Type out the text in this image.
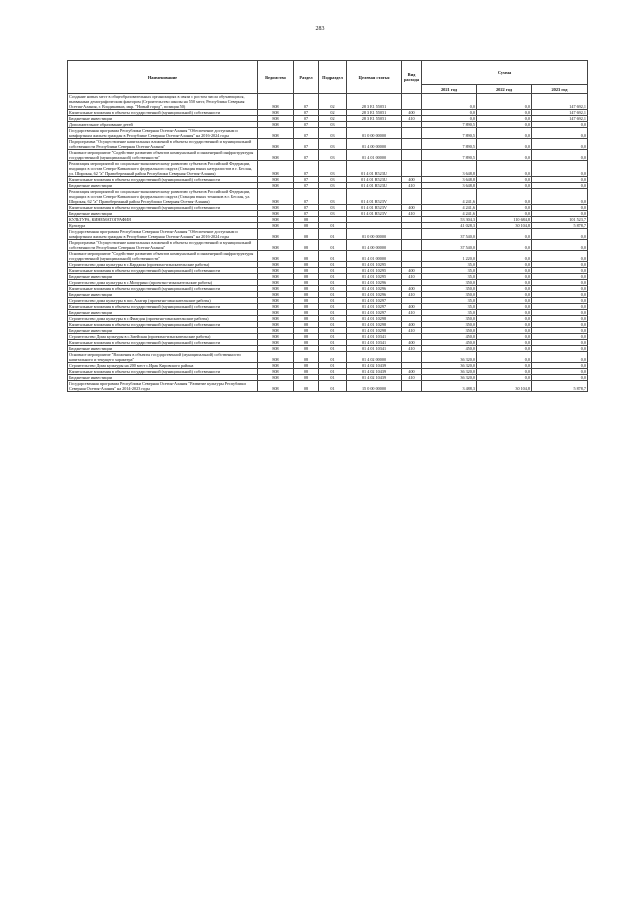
283
Наименование	Ведомство	Раздел	Подраздел	Целевая статья	Вид расхода	Сумма		
						2021 год	2022 год	2023 год
Создание новых мест в общеобразовательных организациях в связи с ростом числа обучающихся, вызванным демографическим фактором (Строительство школы на 550 мест, Республика Северная Осетия-Алания, г. Владикавказ, мкр. "Новый город", позиция 50)	808	07	02	28 3 E1 55051		0,0	0,0	147 692,1
Капитальные вложения в объекты государственной (муниципальной) собственности	808	07	02	28 3 E1 55051	400	0,0	0,0	147 692,1
Бюджетные инвестиции	808	07	02	28 3 E1 55051	410	0,0	0,0	147 692,1
Дополнительное образование детей	808	07	03			7 890,5	0,0	0,0
Государственная программа Республики Северная Осетия-Алания "Обеспечение доступным и комфортным жильем граждан в Республике Северная Осетия-Алания" на 2016-2024 годы	808	07	03	01 0 00 00000		7 890,5	0,0	0,0
Подпрограмма "Осуществление капитальных вложений в объекты государственной и муниципальной собственности Республики Северная Осетия-Алания"	808	07	03	01 4 00 00000		7 890,5	0,0	0,0
Основное мероприятие "Содействие развитию объектов коммунальной и инженерной инфраструктуры государственной (муниципальной) собственности"	808	07	03	01 4 01 00000		7 890,5	0,0	0,0
Реализация мероприятий по социально-экономическому развитию субъектов Российской Федерации, входящих в состав Северо-Кавказского федерального округа (Станция юных натуралистов в г. Беслан, ул. Широкая, 62 "а" Правобережный район Республики Северная Осетия-Алания)	808	07	03	01 4 01 R523U		3 648,8	0,0	0,0
Капитальные вложения в объекты государственной (муниципальной) собственности	808	07	03	01 4 01 R523U	400	3 648,8	0,0	0,0
Бюджетные инвестиции	808	07	03	01 4 01 R523U	410	3 648,8	0,0	0,0
Реализация мероприятий по социально-экономическому развитию субъектов Российской Федерации, входящих в состав Северо-Кавказского федерального округа (Станция юных техников в г. Беслан, ул. Широкая, 62 "а" Правобережный район Республики Северная Осетия-Алания)	808	07	03	01 4 01 R523V		4 241,6	0,0	0,0
Капитальные вложения в объекты государственной (муниципальной) собственности	808	07	03	01 4 01 R523V	400	4 241,6	0,0	0,0
Бюджетные инвестиции	808	07	03	01 4 01 R523V	410	4 241,6	0,0	0,0
КУЛЬТУРА, КИНЕМАТОГРАФИЯ	808	08				53 304,3	110 684,8	101 523,7
Культура	808	08	01			41 028,3	30 104,8	5 878,7
Государственная программа Республики Северная Осетия-Алания "Обеспечение доступным и комфортным жильем граждан в Республике Северная Осетия-Алания" на 2016-2024 годы	808	08	01	01 0 00 00000		37 540,0	0,0	0,0
Подпрограмма "Осуществление капитальных вложений в объекты государственной и муниципальной собственности Республики Северная Осетия-Алания"	808	08	01	01 4 00 00000		37 540,0	0,0	0,0
Основное мероприятие "Содействие развитию объектов коммунальной и инженерной инфраструктуры государственной (муниципальной) собственности"	808	08	01	01 4 01 00000		1 220,0	0,0	0,0
Строительство дома культуры в с.Карджин (проектно-изыскательские работы)	808	08	01	01 4 01 10295		35,0	0,0	0,0
Капитальные вложения в объекты государственной (муниципальной) собственности	808	08	01	01 4 01 10295	400	35,0	0,0	0,0
Бюджетные инвестиции	808	08	01	01 4 01 10295	410	35,0	0,0	0,0
Строительство дома культуры в с.Мичурино (проектно-изыскательские работы)	808	08	01	01 4 01 10296		350,0	0,0	0,0
Капитальные вложения в объекты государственной (муниципальной) собственности	808	08	01	01 4 01 10296	400	350,0	0,0	0,0
Бюджетные инвестиции	808	08	01	01 4 01 10296	410	350,0	0,0	0,0
Строительство дома культуры в пос.Алагир (проектно-изыскательские работы)	808	08	01	01 4 01 10297		35,0	0,0	0,0
Капитальные вложения в объекты государственной (муниципальной) собственности	808	08	01	01 4 01 10297	400	35,0	0,0	0,0
Бюджетные инвестиции	808	08	01	01 4 01 10297	410	35,0	0,0	0,0
Строительство дома культуры в с.Фиагдон (проектно-изыскательские работы)	808	08	01	01 4 01 10298		350,0	0,0	0,0
Капитальные вложения в объекты государственной (муниципальной) собственности	808	08	01	01 4 01 10298	400	350,0	0,0	0,0
Бюджетные инвестиции	808	08	01	01 4 01 10298	410	350,0	0,0	0,0
Строительство Дома культуры в с.Змейская (проектно-изыскательские работы)	808	08	01	01 4 01 10341		450,0	0,0	0,0
Капитальные вложения в объекты государственной (муниципальной) собственности	808	08	01	01 4 01 10341	400	450,0	0,0	0,0
Бюджетные инвестиции	808	08	01	01 4 01 10341	410	450,0	0,0	0,0
Основное мероприятие "Вложения в объекты государственной (муниципальной) собственности капитального и текущего характера"	808	08	01	01 4 02 00000		36 320,0	0,0	0,0
Строительство Дома культуры на 200 мест с.Ирак Кировского района	808	08	01	01 4 02 10439		36 320,0	0,0	0,0
Капитальные вложения в объекты государственной (муниципальной) собственности	808	08	01	01 4 02 10439	400	36 320,0	0,0	0,0
Бюджетные инвестиции	808	08	01	01 4 02 10439	410	36 320,0	0,0	0,0
Государственная программа Республики Северная Осетия-Алания "Развитие культуры Республики Северная Осетия-Алания" на 2014-2023 годы	808	08	01	15 0 00 00000		3 488,3	30 104,8	5 878,7
